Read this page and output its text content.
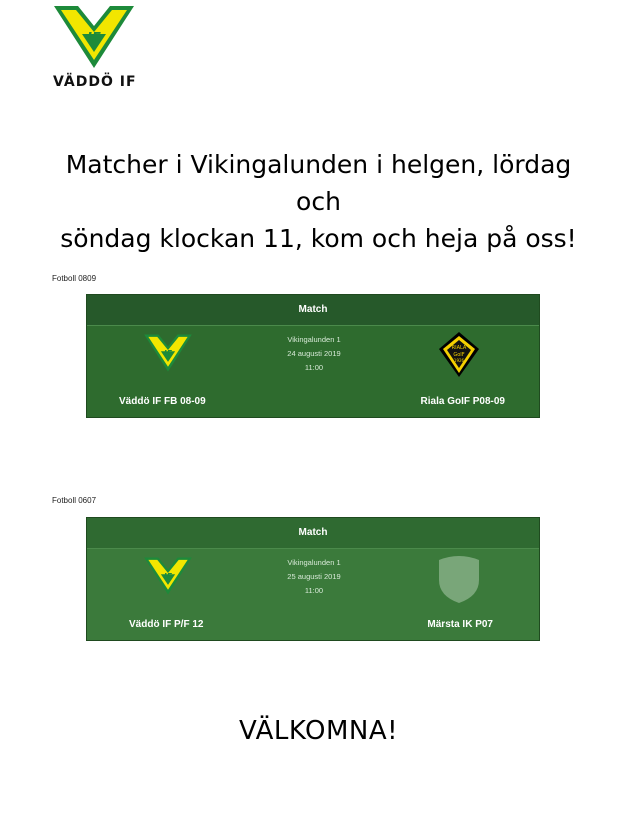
IF
VÄDDÖ IF
Matcher i Vikingalunden i helgen, lördag och
söndag klockan 11, kom och heja på oss!
Fotboll 0809
Match
IF
Vikingalunden 1
24 augusti 2019
11:00
RIALA
GoIF
1926
Väddö IF FB 08-09	Riala GoIF P08-09
Fotboll 0607
Match
IF
Vikingalunden 1
25 augusti 2019
11:00
Väddö IF P/F 12	Märsta IK P07
VÄLKOMNA!
